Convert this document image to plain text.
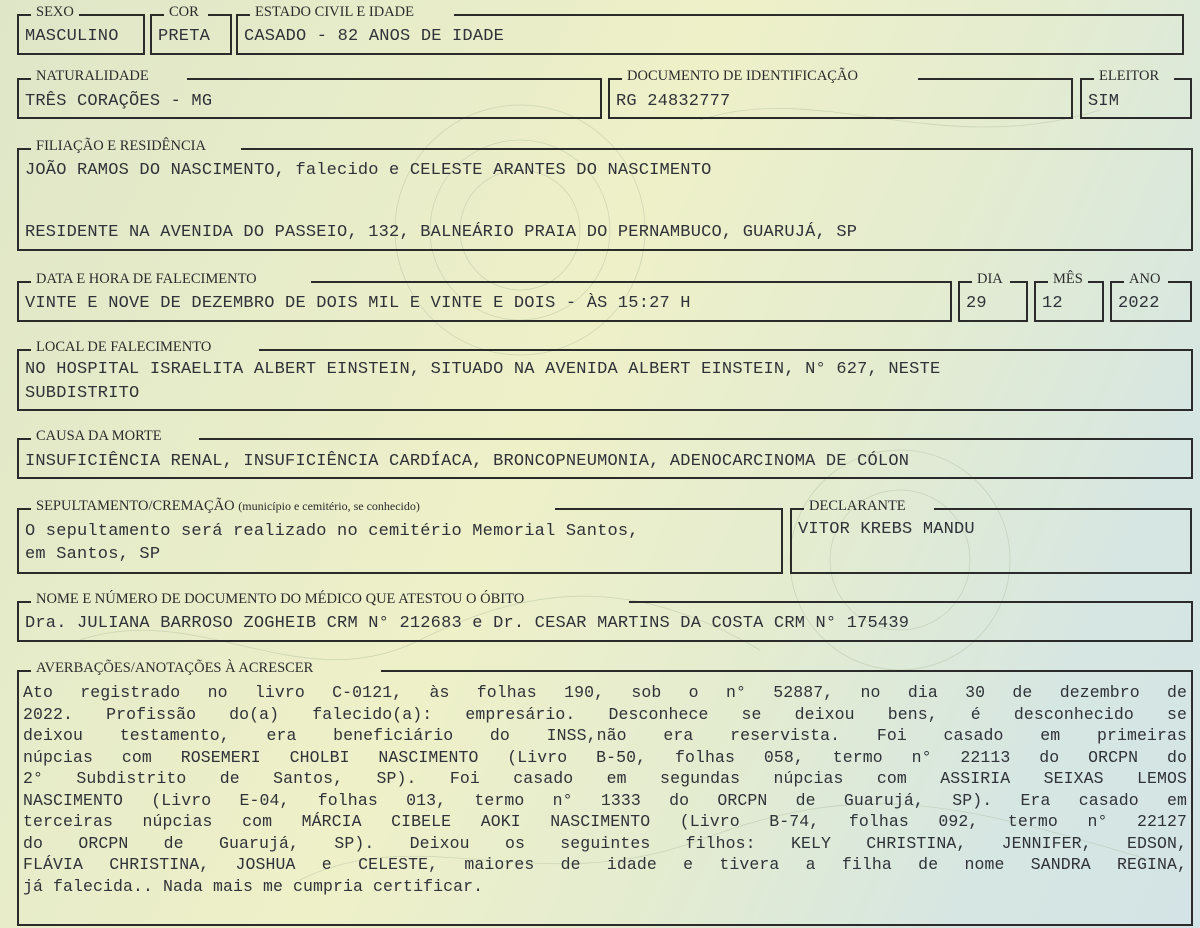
SEXO
MASCULINO
COR
PRETA
ESTADO CIVIL E IDADE
CASADO - 82 ANOS DE IDADE
NATURALIDADE
TRÊS CORAÇÕES - MG
DOCUMENTO DE IDENTIFICAÇÃO
RG 24832777
ELEITOR
SIM
FILIAÇÃO E RESIDÊNCIA
JOÃO RAMOS DO NASCIMENTO, falecido e CELESTE ARANTES DO NASCIMENTO
RESIDENTE NA AVENIDA DO PASSEIO, 132, BALNEÁRIO PRAIA DO PERNAMBUCO, GUARUJÁ, SP
DATA E HORA DE FALECIMENTO
VINTE E NOVE DE DEZEMBRO DE DOIS MIL E VINTE E DOIS - ÀS 15:27 H
DIA
29
MÊS
12
ANO
2022
LOCAL DE FALECIMENTO
NO HOSPITAL ISRAELITA ALBERT EINSTEIN, SITUADO NA AVENIDA ALBERT EINSTEIN, N° 627, NESTE
SUBDISTRITO
CAUSA DA MORTE
INSUFICIÊNCIA RENAL, INSUFICIÊNCIA CARDÍACA, BRONCOPNEUMONIA, ADENOCARCINOMA DE CÓLON
SEPULTAMENTO/CREMAÇÃO (município e cemitério, se conhecido)
O sepultamento será realizado no cemitério Memorial Santos,
em Santos, SP
DECLARANTE
VITOR KREBS MANDU
NOME E NÚMERO DE DOCUMENTO DO MÉDICO QUE ATESTOU O ÓBITO
Dra. JULIANA BARROSO ZOGHEIB CRM N° 212683 e Dr. CESAR MARTINS DA COSTA CRM N° 175439
AVERBAÇÕES/ANOTAÇÕES À ACRESCER
Ato registrado no livro C-0121, às folhas 190, sob o n° 52887, no dia 30 de dezembro de
2022. Profissão do(a) falecido(a): empresário. Desconhece se deixou bens, é desconhecido se
deixou testamento, era beneficiário do INSS,não era reservista. Foi casado em primeiras
núpcias com ROSEMERI CHOLBI NASCIMENTO (Livro B-50, folhas 058, termo n° 22113 do ORCPN do
2° Subdistrito de Santos, SP). Foi casado em segundas núpcias com ASSIRIA SEIXAS LEMOS
NASCIMENTO (Livro E-04, folhas 013, termo n° 1333 do ORCPN de Guarujá, SP). Era casado em
terceiras núpcias com MÁRCIA CIBELE AOKI NASCIMENTO (Livro B-74, folhas 092, termo n° 22127
do ORCPN de Guarujá, SP). Deixou os seguintes filhos: KELY CHRISTINA, JENNIFER, EDSON,
FLÁVIA CHRISTINA, JOSHUA e CELESTE, maiores de idade e tivera a filha de nome SANDRA REGINA,
já falecida.. Nada mais me cumpria certificar.
